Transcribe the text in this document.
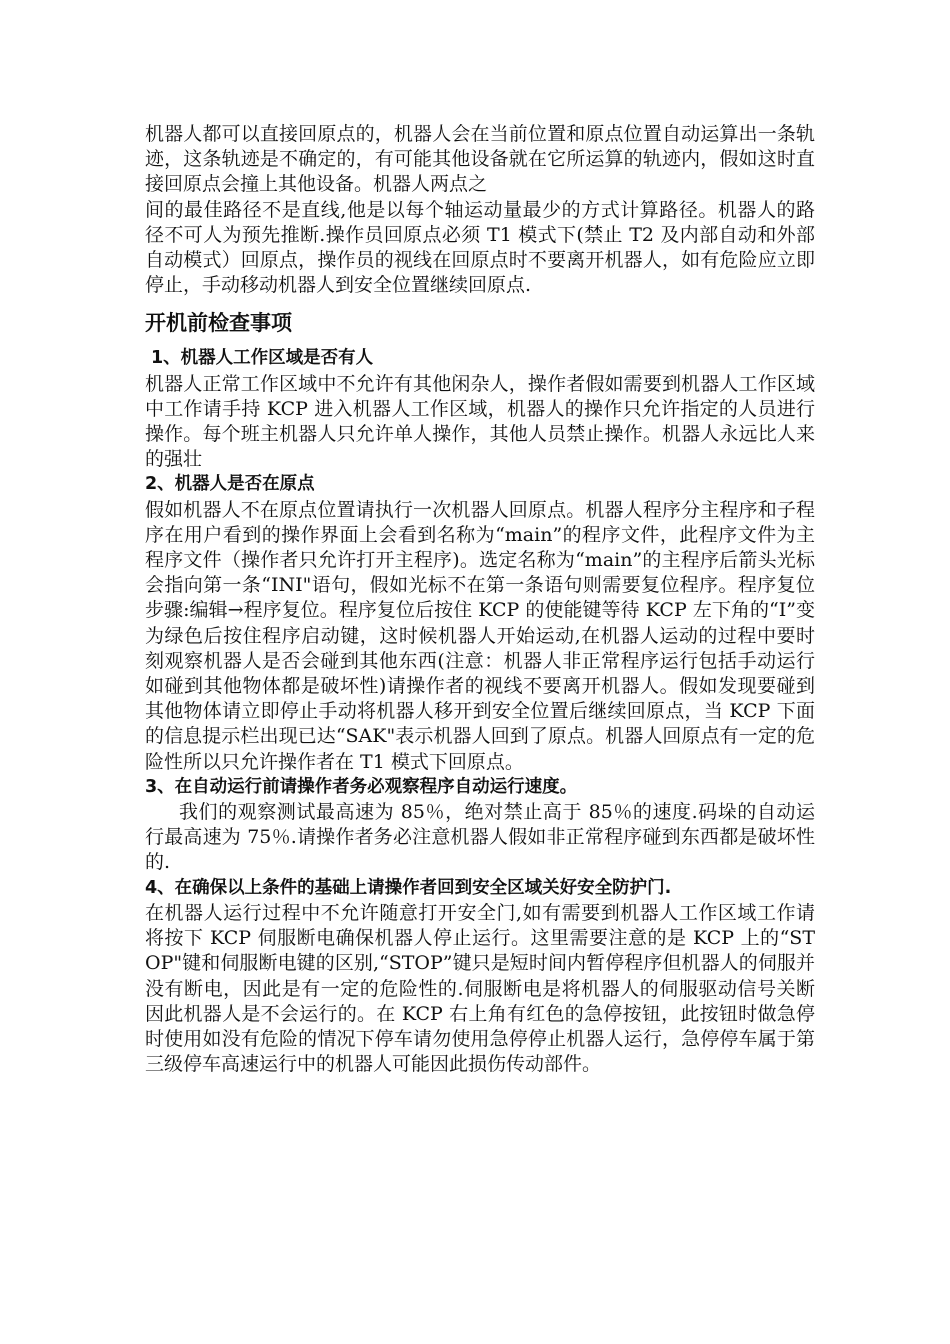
机器人都可以直接回原点的，机器人会在当前位置和原点位置自动运算出一条轨迹，这条轨迹是不确定的，有可能其他设备就在它所运算的轨迹内，假如这时直接回原点会撞上其他设备。机器人两点之

间的最佳路径不是直线,他是以每个轴运动量最少的方式计算路径。机器人的路径不可人为预先推断.操作员回原点必须 T1 模式下(禁止 T2 及内部自动和外部自动模式）回原点，操作员的视线在回原点时不要离开机器人，如有危险应立即停止，手动移动机器人到安全位置继续回原点.

开机前检查事项
1、机器人工作区域是否有人

机器人正常工作区域中不允许有其他闲杂人，操作者假如需要到机器人工作区域中工作请手持 KCP 进入机器人工作区域，机器人的操作只允许指定的人员进行操作。每个班主机器人只允许单人操作，其他人员禁止操作。机器人永远比人来的强壮

2、机器人是否在原点

假如机器人不在原点位置请执行一次机器人回原点。机器人程序分主程序和子程序在用户看到的操作界面上会看到名称为“main”的程序文件，此程序文件为主程序文件（操作者只允许打开主程序)。选定名称为“main”的主程序后箭头光标会指向第一条“INI"语句，假如光标不在第一条语句则需要复位程序。程序复位步骤:编辑→程序复位。程序复位后按住 KCP 的使能键等待 KCP 左下角的“I”变为绿色后按住程序启动键，这时候机器人开始运动,在机器人运动的过程中要时刻观察机器人是否会碰到其他东西(注意：机器人非正常程序运行包括手动运行如碰到其他物体都是破坏性)请操作者的视线不要离开机器人。假如发现要碰到其他物体请立即停止手动将机器人移开到安全位置后继续回原点，当 KCP 下面的信息提示栏出现已达“SAK"表示机器人回到了原点。机器人回原点有一定的危险性所以只允许操作者在 T1 模式下回原点。

3、在自动运行前请操作者务必观察程序自动运行速度。

我们的观察测试最高速为 85％，绝对禁止高于 85％的速度.码垛的自动运行最高速为 75％.请操作者务必注意机器人假如非正常程序碰到东西都是破坏性的.

4、在确保以上条件的基础上请操作者回到安全区域关好安全防护门.

在机器人运行过程中不允许随意打开安全门,如有需要到机器人工作区域工作请将按下 KCP 伺服断电确保机器人停止运行。这里需要注意的是 KCP 上的“STOP"键和伺服断电键的区别,“STOP”键只是短时间内暂停程序但机器人的伺服并没有断电，因此是有一定的危险性的.伺服断电是将机器人的伺服驱动信号关断因此机器人是不会运行的。在 KCP 右上角有红色的急停按钮，此按钮时做急停时使用如没有危险的情况下停车请勿使用急停停止机器人运行，急停停车属于第三级停车高速运行中的机器人可能因此损伤传动部件。
